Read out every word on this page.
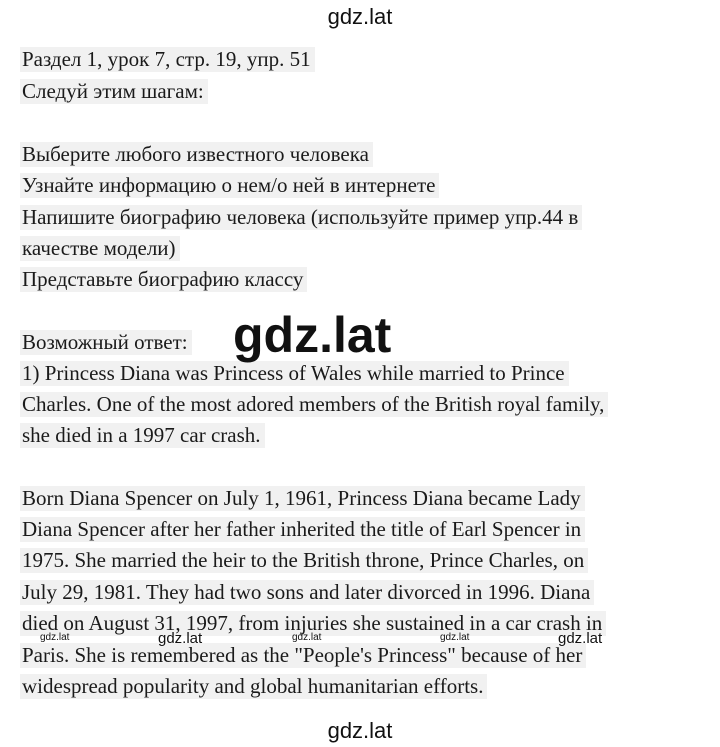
gdz.lat
Раздел 1, урок 7, стр. 19, упр. 51
Следуй этим шагам:
Выберите любого известного человека
Узнайте информацию о нем/о ней в интернете
Напишите биографию человека (используйте пример упр.44 в
качестве модели)
Представьте биографию классу
Возможный ответ:
1) Princess Diana was Princess of Wales while married to Prince
Charles. One of the most adored members of the British royal family,
she died in a 1997 car crash.
Born Diana Spencer on July 1, 1961, Princess Diana became Lady
Diana Spencer after her father inherited the title of Earl Spencer in
1975. She married the heir to the British throne, Prince Charles, on
July 29, 1981. They had two sons and later divorced in 1996. Diana
died on August 31, 1997, from injuries she sustained in a car crash in
Paris. She is remembered as the "People's Princess" because of her
widespread popularity and global humanitarian efforts.
gdz.lat
gdz.lat	gdz.lat	gdz.lat	gdz.lat	gdz.lat
gdz.lat
